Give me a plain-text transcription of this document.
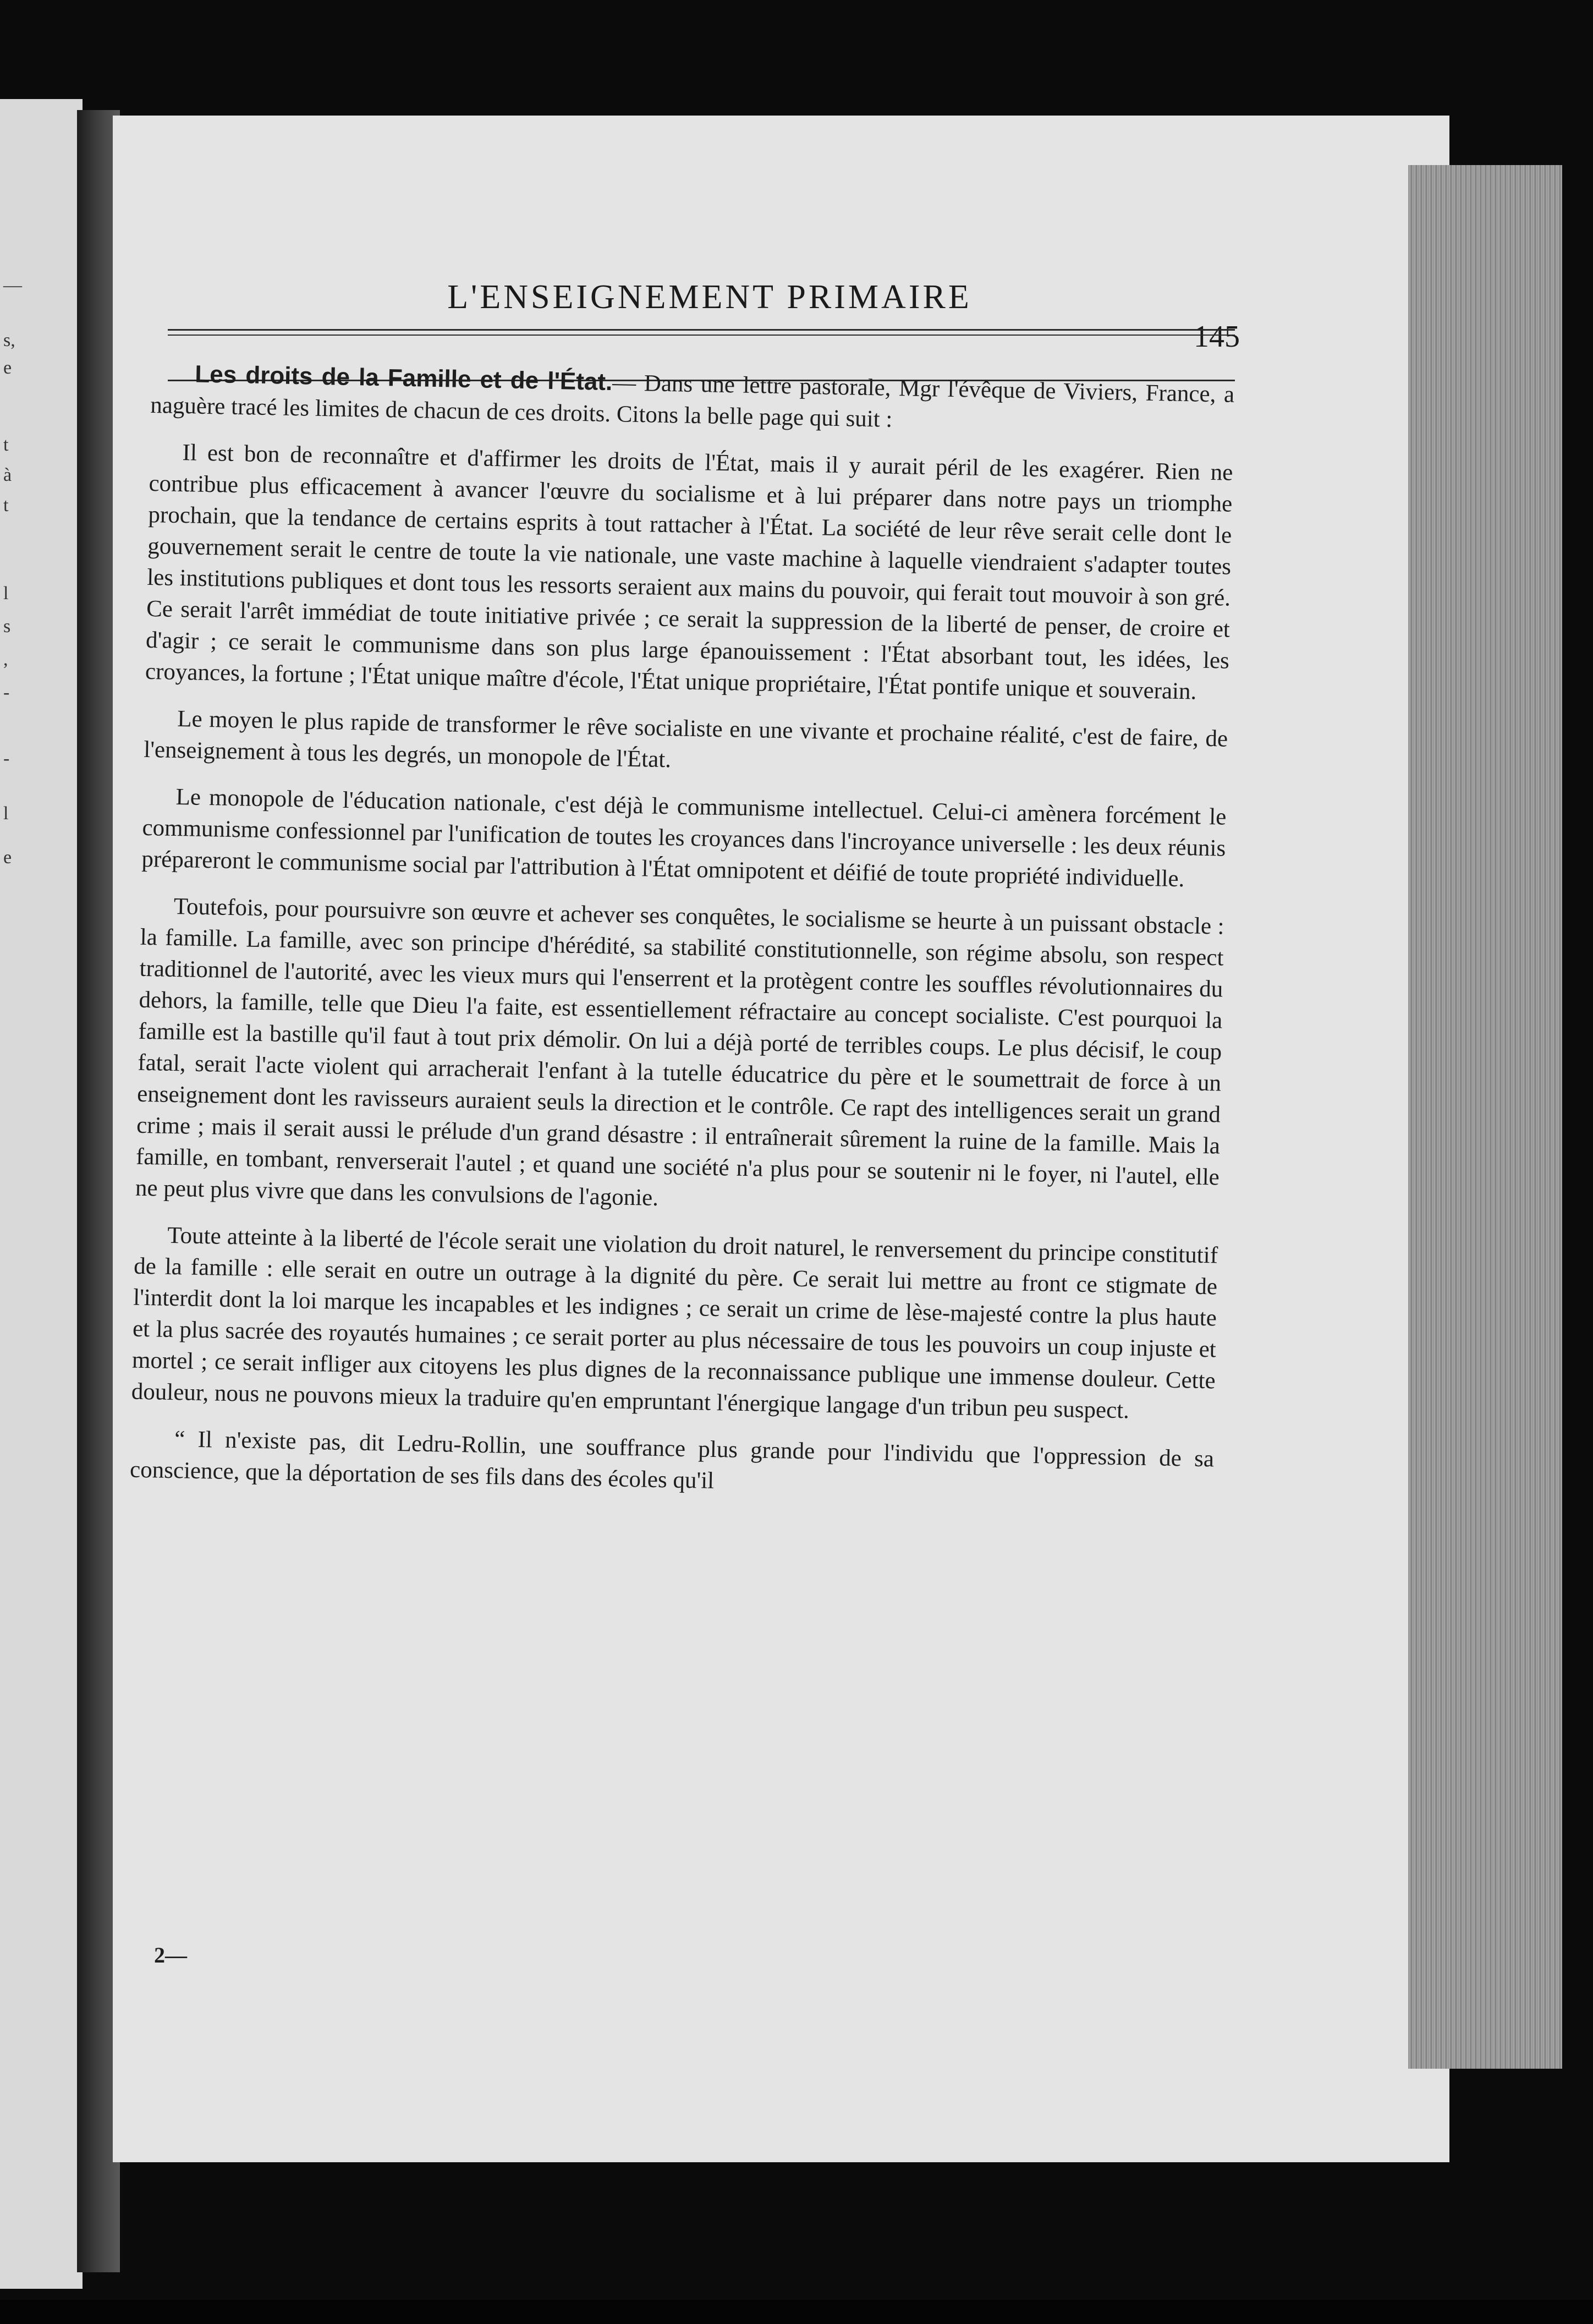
—
s,
e
t
à
t
l
s
,
-
-
l
e
L'ENSEIGNEMENT PRIMAIRE
145

Les droits de la Famille et de l'État.— Dans une lettre pastorale, Mgr l'évêque de Viviers, France, a naguère tracé les limites de chacun de ces droits. Citons la belle page qui suit :

Il est bon de reconnaître et d'affirmer les droits de l'État, mais il y aurait péril de les exagérer. Rien ne contribue plus efficacement à avancer l'œuvre du socialisme et à lui préparer dans notre pays un triomphe prochain, que la tendance de certains esprits à tout rattacher à l'État. La société de leur rêve serait celle dont le gouvernement serait le centre de toute la vie nationale, une vaste machine à laquelle viendraient s'adapter toutes les institutions publiques et dont tous les ressorts seraient aux mains du pouvoir, qui ferait tout mouvoir à son gré. Ce serait l'arrêt immédiat de toute initiative privée ; ce serait la suppression de la liberté de penser, de croire et d'agir ; ce serait le communisme dans son plus large épanouissement : l'État absorbant tout, les idées, les croyances, la fortune ; l'État unique maître d'école, l'État unique propriétaire, l'État pontife unique et souverain.

Le moyen le plus rapide de transformer le rêve socialiste en une vivante et prochaine réalité, c'est de faire, de l'enseignement à tous les degrés, un monopole de l'État.

Le monopole de l'éducation nationale, c'est déjà le communisme intellectuel. Celui-ci amènera forcément le communisme confessionnel par l'unification de toutes les croyances dans l'incroyance universelle : les deux réunis prépareront le communisme social par l'attribution à l'État omnipotent et déifié de toute propriété individuelle.

Toutefois, pour poursuivre son œuvre et achever ses conquêtes, le socialisme se heurte à un puissant obstacle : la famille. La famille, avec son principe d'hérédité, sa stabilité constitutionnelle, son régime absolu, son respect traditionnel de l'autorité, avec les vieux murs qui l'enserrent et la protègent contre les souffles révolutionnaires du dehors, la famille, telle que Dieu l'a faite, est essentiellement réfractaire au concept socialiste. C'est pourquoi la famille est la bastille qu'il faut à tout prix démolir. On lui a déjà porté de terribles coups. Le plus décisif, le coup fatal, serait l'acte violent qui arracherait l'enfant à la tutelle éducatrice du père et le soumettrait de force à un enseignement dont les ravisseurs auraient seuls la direction et le contrôle. Ce rapt des intelligences serait un grand crime ; mais il serait aussi le prélude d'un grand désastre : il entraînerait sûrement la ruine de la famille. Mais la famille, en tombant, renverserait l'autel ; et quand une société n'a plus pour se soutenir ni le foyer, ni l'autel, elle ne peut plus vivre que dans les convulsions de l'agonie.

Toute atteinte à la liberté de l'école serait une violation du droit naturel, le renversement du principe constitutif de la famille : elle serait en outre un outrage à la dignité du père. Ce serait lui mettre au front ce stigmate de l'interdit dont la loi marque les incapables et les indignes ; ce serait un crime de lèse-majesté contre la plus haute et la plus sacrée des royautés humaines ; ce serait porter au plus nécessaire de tous les pouvoirs un coup injuste et mortel ; ce serait infliger aux citoyens les plus dignes de la reconnaissance publique une immense douleur. Cette douleur, nous ne pouvons mieux la traduire qu'en empruntant l'énergique langage d'un tribun peu suspect.

“ Il n'existe pas, dit Ledru-Rollin, une souffrance plus grande pour l'individu que l'oppression de sa conscience, que la déportation de ses fils dans des écoles qu'il

2—
